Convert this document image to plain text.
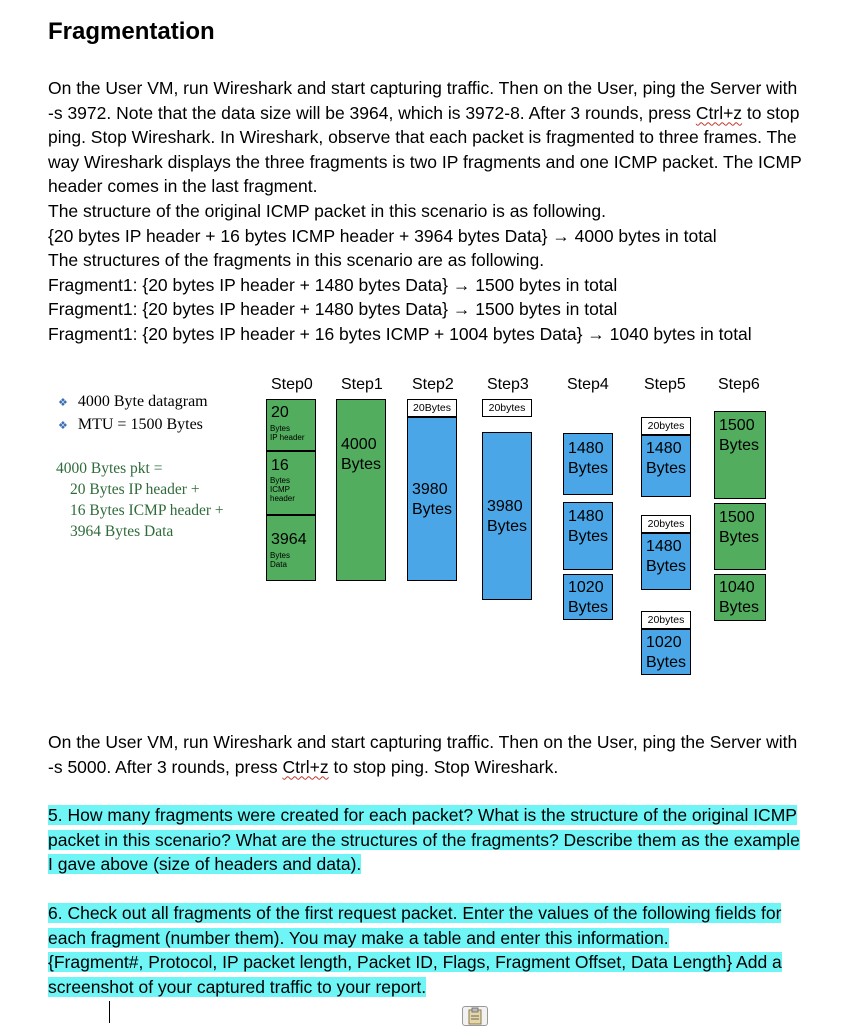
Fragmentation
On the User VM, run Wireshark and start capturing traffic. Then on the User, ping the Server with
-s 3972. Note that the data size will be 3964, which is 3972-8. After 3 rounds, press Ctrl+z to stop
ping. Stop Wireshark. In Wireshark, observe that each packet is fragmented to three frames. The
way Wireshark displays the three fragments is two IP fragments and one ICMP packet. The ICMP
header comes in the last fragment.
The structure of the original ICMP packet in this scenario is as following.
{20 bytes IP header + 16 bytes ICMP header + 3964 bytes Data} → 4000 bytes in total
The structures of the fragments in this scenario are as following.
Fragment1: {20 bytes IP header + 1480 bytes Data} → 1500 bytes in total
Fragment1: {20 bytes IP header + 1480 bytes Data} → 1500 bytes in total
Fragment1: {20 bytes IP header + 16 bytes ICMP + 1004 bytes Data} → 1040 bytes in total
❖ 4000 Byte datagram
❖ MTU = 1500 Bytes
4000 Bytes pkt =
20 Bytes IP header +
16 Bytes ICMP header +
3964 Bytes Data
Step0 Step1 Step2 Step3 Step4 Step5 Step6
20
Bytes
IP header
16
Bytes
ICMP
header
3964
Bytes
Data
4000
Bytes
20Bytes
3980
Bytes
20bytes
3980
Bytes
1480
Bytes
1480
Bytes
1020
Bytes
20bytes
1480
Bytes
20bytes
1480
Bytes
20bytes
1020
Bytes
1500
Bytes
1500
Bytes
1040
Bytes
On the User VM, run Wireshark and start capturing traffic. Then on the User, ping the Server with
-s 5000. After 3 rounds, press Ctrl+z to stop ping. Stop Wireshark.
5. How many fragments were created for each packet? What is the structure of the original ICMP
packet in this scenario? What are the structures of the fragments? Describe them as the example
I gave above (size of headers and data).
6. Check out all fragments of the first request packet. Enter the values of the following fields for
each fragment (number them). You may make a table and enter this information.
{Fragment#, Protocol, IP packet length, Packet ID, Flags, Fragment Offset, Data Length} Add a
screenshot of your captured traffic to your report.
